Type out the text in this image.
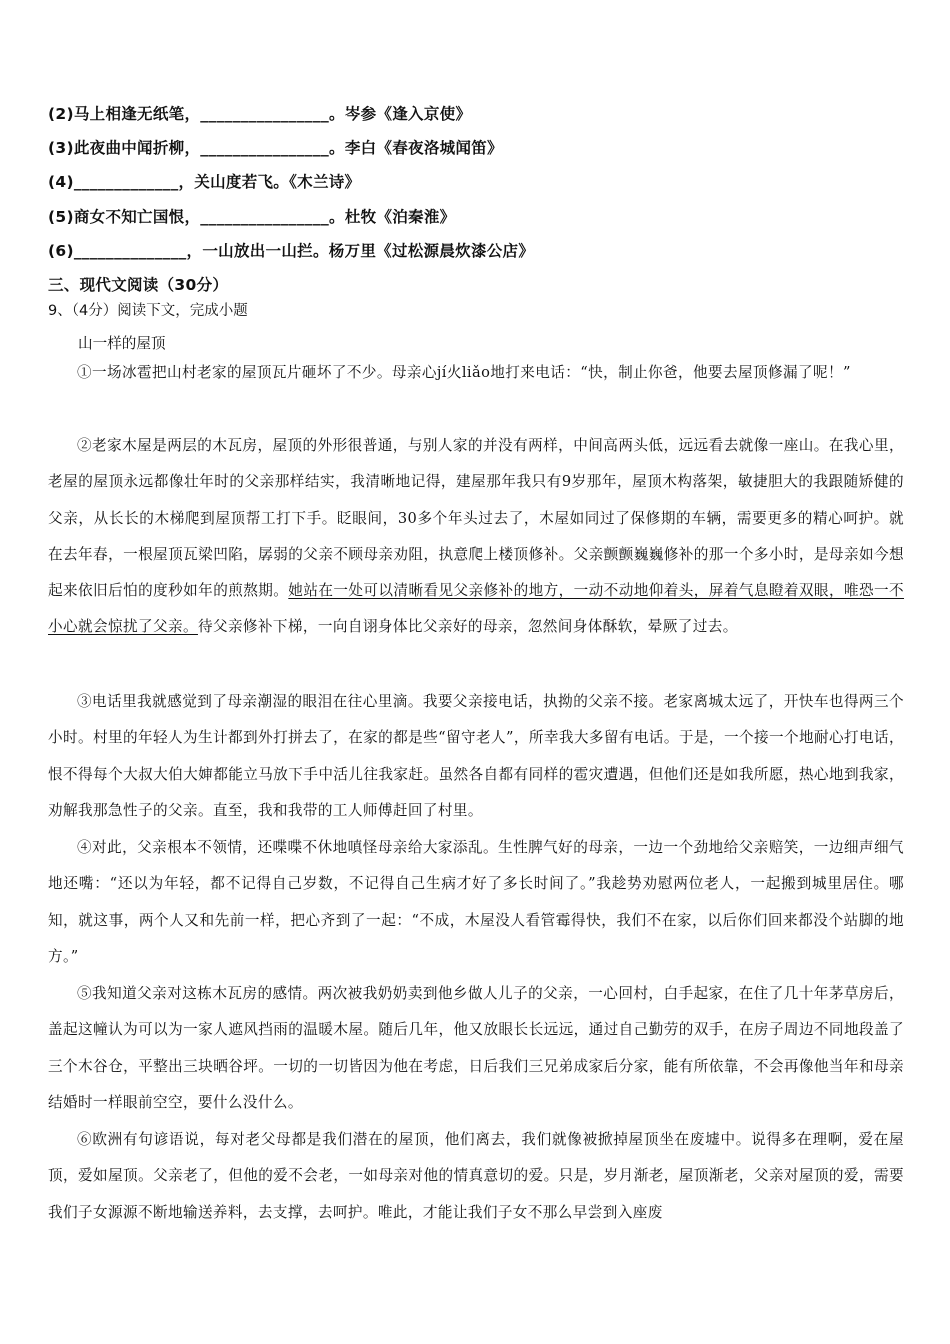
(2)马上相逢无纸笔，________________。岑参《逢入京使》
(3)此夜曲中闻折柳，________________。李白《春夜洛城闻笛》
(4)_____________，关山度若飞。《木兰诗》
(5)商女不知亡国恨，________________。杜牧《泊秦淮》
(6)______________，一山放出一山拦。杨万里《过松源晨炊漆公店》
三、现代文阅读（30分）
9、（4分）阅读下文，完成小题
山一样的屋顶

①一场冰雹把山村老家的屋顶瓦片砸坏了不少。母亲心jí火liǎo地打来电话：“快，制止你爸，他要去屋顶修漏了呢！”

②老家木屋是两层的木瓦房，屋顶的外形很普通，与别人家的并没有两样，中间高两头低，远远看去就像一座山。在我心里，老屋的屋顶永远都像壮年时的父亲那样结实，我清晰地记得，建屋那年我只有9岁那年，屋顶木构落架，敏捷胆大的我跟随矫健的父亲，从长长的木梯爬到屋顶帮工打下手。眨眼间，30多个年头过去了，木屋如同过了保修期的车辆，需要更多的精心呵护。就在去年春，一根屋顶瓦梁凹陷，孱弱的父亲不顾母亲劝阻，执意爬上楼顶修补。父亲颤颤巍巍修补的那一个多小时，是母亲如今想起来依旧后怕的度秒如年的煎熬期。她站在一处可以清晰看见父亲修补的地方，一动不动地仰着头，屏着气息瞪着双眼，唯恐一不小心就会惊扰了父亲。待父亲修补下梯，一向自诩身体比父亲好的母亲，忽然间身体酥软，晕厥了过去。

③电话里我就感觉到了母亲潮湿的眼泪在往心里滴。我要父亲接电话，执拗的父亲不接。老家离城太远了，开快车也得两三个小时。村里的年轻人为生计都到外打拼去了，在家的都是些“留守老人”，所幸我大多留有电话。于是，一个接一个地耐心打电话，恨不得每个大叔大伯大婶都能立马放下手中活儿往我家赶。虽然各自都有同样的雹灾遭遇，但他们还是如我所愿，热心地到我家，劝解我那急性子的父亲。直至，我和我带的工人师傅赶回了村里。

④对此，父亲根本不领情，还喋喋不休地嗔怪母亲给大家添乱。生性脾气好的母亲，一边一个劲地给父亲赔笑，一边细声细气地还嘴：“还以为年轻，都不记得自己岁数，不记得自己生病才好了多长时间了。”我趁势劝慰两位老人，一起搬到城里居住。哪知，就这事，两个人又和先前一样，把心齐到了一起：“不成，木屋没人看管霉得快，我们不在家，以后你们回来都没个站脚的地方。”

⑤我知道父亲对这栋木瓦房的感情。两次被我奶奶卖到他乡做人儿子的父亲，一心回村，白手起家，在住了几十年茅草房后，盖起这幢认为可以为一家人遮风挡雨的温暖木屋。随后几年，他又放眼长长远远，通过自己勤劳的双手，在房子周边不同地段盖了三个木谷仓，平整出三块晒谷坪。一切的一切皆因为他在考虑，日后我们三兄弟成家后分家，能有所依靠，不会再像他当年和母亲结婚时一样眼前空空，要什么没什么。

⑥欧洲有句谚语说，每对老父母都是我们潜在的屋顶，他们离去，我们就像被掀掉屋顶坐在废墟中。说得多在理啊，爱在屋顶，爱如屋顶。父亲老了，但他的爱不会老，一如母亲对他的情真意切的爱。只是，岁月渐老，屋顶渐老，父亲对屋顶的爱，需要我们子女源源不断地输送养料，去支撑，去呵护。唯此，才能让我们子女不那么早尝到入座废
